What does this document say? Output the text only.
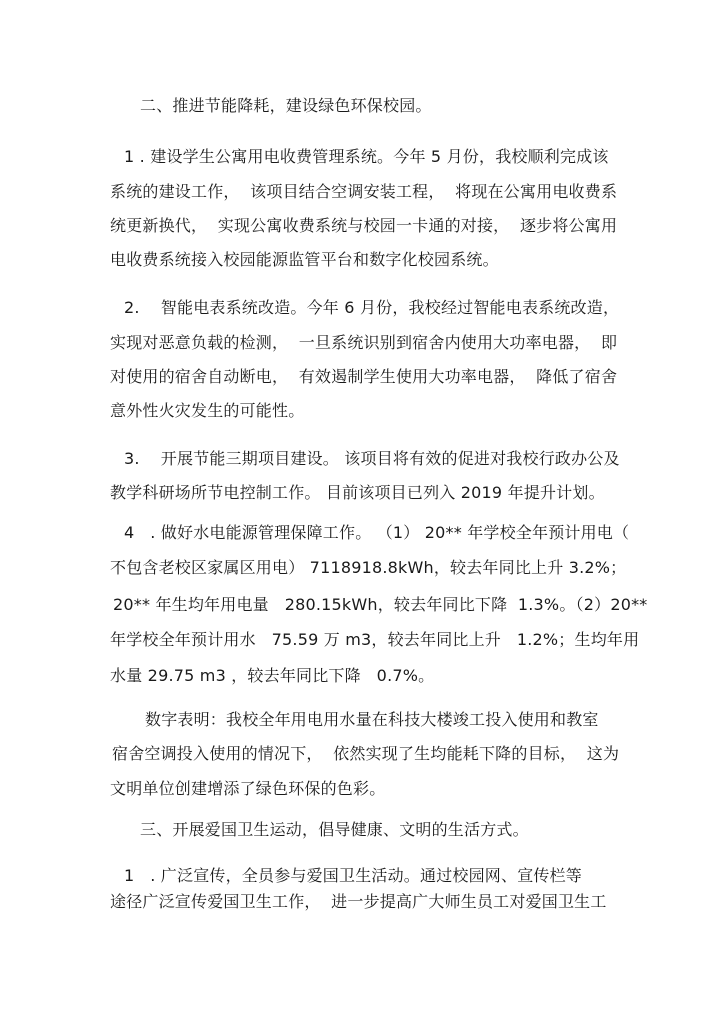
二、推进节能降耗，建设绿色环保校园。
1 . 建设学生公寓用电收费管理系统。今年 5 月份，我校顺利完成该
系统的建设工作，  该项目结合空调安装工程，  将现在公寓用电收费系
统更新换代，  实现公寓收费系统与校园一卡通的对接，  逐步将公寓用
电收费系统接入校园能源监管平台和数字化校园系统。
2.    智能电表系统改造。今年 6 月份，我校经过智能电表系统改造，
实现对恶意负载的检测，  一旦系统识别到宿舍内使用大功率电器，  即
对使用的宿舍自动断电，  有效遏制学生使用大功率电器，  降低了宿舍
意外性火灾发生的可能性。
3.    开展节能三期项目建设。 该项目将有效的促进对我校行政办公及
教学科研场所节电控制工作。 目前该项目已列入 2019 年提升计划。
4   . 做好水电能源管理保障工作。 （1） 20** 年学校全年预计用电（
不包含老校区家属区用电） 7118918.8kWh，较去年同比上升 3.2%；
20** 年生均年用电量   280.15kWh，较去年同比下降  1.3%。（2）20**
年学校全年预计用水   75.59 万 m3，较去年同比上升   1.2%；生均年用
水量 29.75 m3 ，较去年同比下降   0.7%。
数字表明：我校全年用电用水量在科技大楼竣工投入使用和教室
宿舍空调投入使用的情况下，  依然实现了生均能耗下降的目标，  这为
文明单位创建增添了绿色环保的色彩。
三、开展爱国卫生运动，倡导健康、文明的生活方式。
1   . 广泛宣传，全员参与爱国卫生活动。通过校园网、宣传栏等
途径广泛宣传爱国卫生工作，  进一步提高广大师生员工对爱国卫生工
